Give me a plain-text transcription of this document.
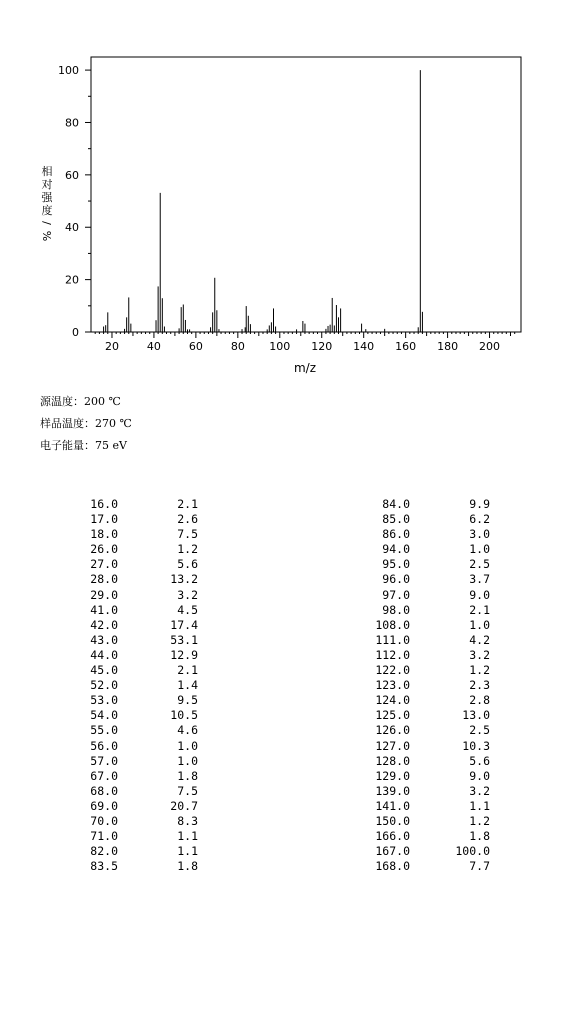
0
20
40
60
80
100
20	40	60	80 100 120 140 160 180 200
m/z
相
对
强
度
/
%
源温度：200 ℃
样品温度：270 ℃
电子能量：75 eV
16.0	2.1
17.0	2.6
18.0	7.5
26.0	1.2
27.0	5.6
28.0	13.2
29.0	3.2
41.0	4.5
42.0	17.4
43.0	53.1
44.0	12.9
45.0	2.1
52.0	1.4
53.0	9.5
54.0	10.5
55.0	4.6
56.0	1.0
57.0	1.0
67.0	1.8
68.0	7.5
69.0	20.7
70.0	8.3
71.0	1.1
82.0	1.1
83.5	1.8
84.0	9.9
85.0	6.2
86.0	3.0
94.0	1.0
95.0	2.5
96.0	3.7
97.0	9.0
98.0	2.1
108.0	1.0
111.0	4.2
112.0	3.2
122.0	1.2
123.0	2.3
124.0	2.8
125.0	13.0
126.0	2.5
127.0	10.3
128.0	5.6
129.0	9.0
139.0	3.2
141.0	1.1
150.0	1.2
166.0	1.8
167.0	100.0
168.0	7.7
